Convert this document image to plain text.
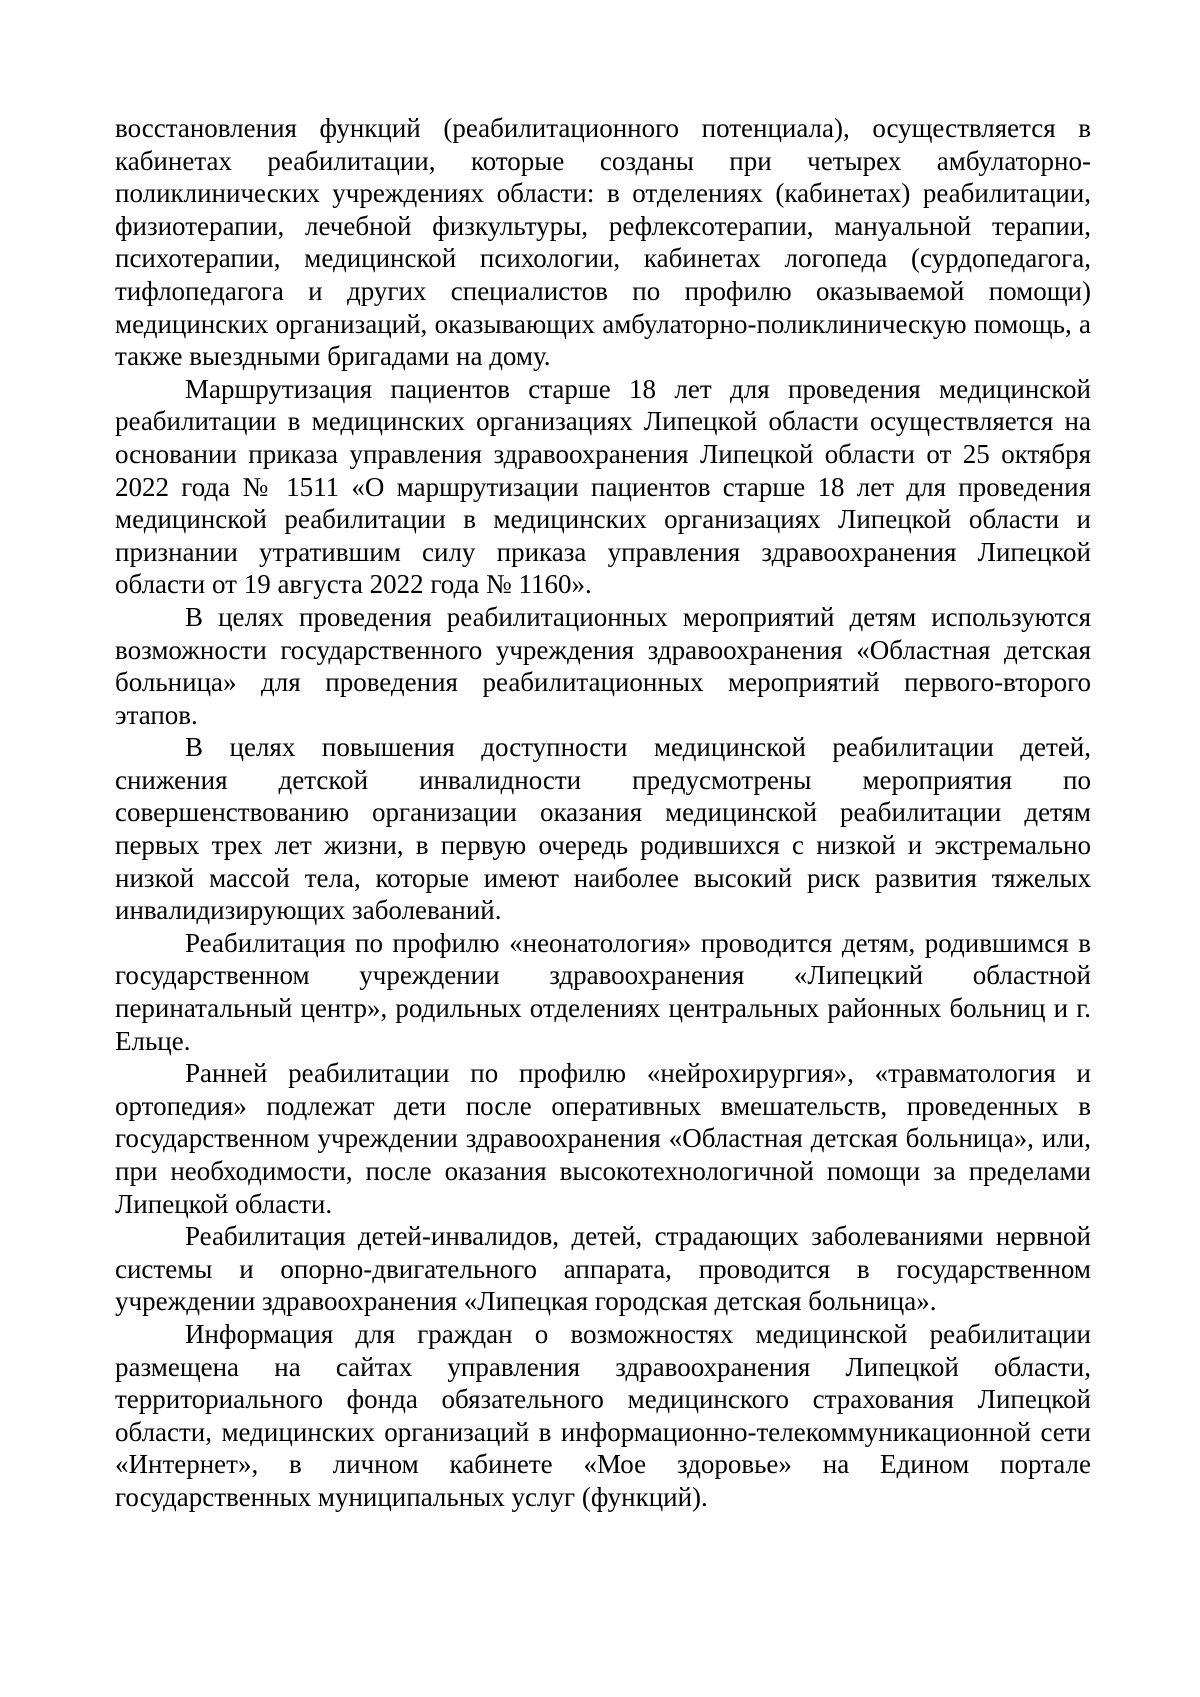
восстановления функций (реабилитационного потенциала), осуществляется в кабинетах реабилитации, которые созданы при четырех амбулаторно-поликлинических учреждениях области: в отделениях (кабинетах) реабилитации, физиотерапии, лечебной физкультуры, рефлексотерапии, мануальной терапии, психотерапии, медицинской психологии, кабинетах логопеда (сурдопедагога, тифлопедагога и других специалистов по профилю оказываемой помощи) медицинских организаций, оказывающих амбулаторно-поликлиническую помощь, а также выездными бригадами на дому.

Маршрутизация пациентов старше 18 лет для проведения медицинской реабилитации в медицинских организациях Липецкой области осуществляется на основании приказа управления здравоохранения Липецкой области от 25 октября 2022 года № 1511 «О маршрутизации пациентов старше 18 лет для проведения медицинской реабилитации в медицинских организациях Липецкой области и признании утратившим силу приказа управления здравоохранения Липецкой области от 19 августа 2022 года № 1160».

В целях проведения реабилитационных мероприятий детям используются возможности государственного учреждения здравоохранения «Областная детская больница» для проведения реабилитационных мероприятий первого-второго этапов.

В целях повышения доступности медицинской реабилитации детей, снижения детской инвалидности предусмотрены мероприятия по совершенствованию организации оказания медицинской реабилитации детям первых трех лет жизни, в первую очередь родившихся с низкой и экстремально низкой массой тела, которые имеют наиболее высокий риск развития тяжелых инвалидизирующих заболеваний.

Реабилитация по профилю «неонатология» проводится детям, родившимся в государственном учреждении здравоохранения «Липецкий областной перинатальный центр», родильных отделениях центральных районных больниц и г. Ельце.

Ранней реабилитации по профилю «нейрохирургия», «травматология и ортопедия» подлежат дети после оперативных вмешательств, проведенных в государственном учреждении здравоохранения «Областная детская больница», или, при необходимости, после оказания высокотехнологичной помощи за пределами Липецкой области.

Реабилитация детей-инвалидов, детей, страдающих заболеваниями нервной системы и опорно-двигательного аппарата, проводится в государственном учреждении здравоохранения «Липецкая городская детская больница».

Информация для граждан о возможностях медицинской реабилитации размещена на сайтах управления здравоохранения Липецкой области, территориального фонда обязательного медицинского страхования Липецкой области, медицинских организаций в информационно-телекоммуникационной сети «Интернет», в личном кабинете «Мое здоровье» на Едином портале государственных муниципальных услуг (функций).
